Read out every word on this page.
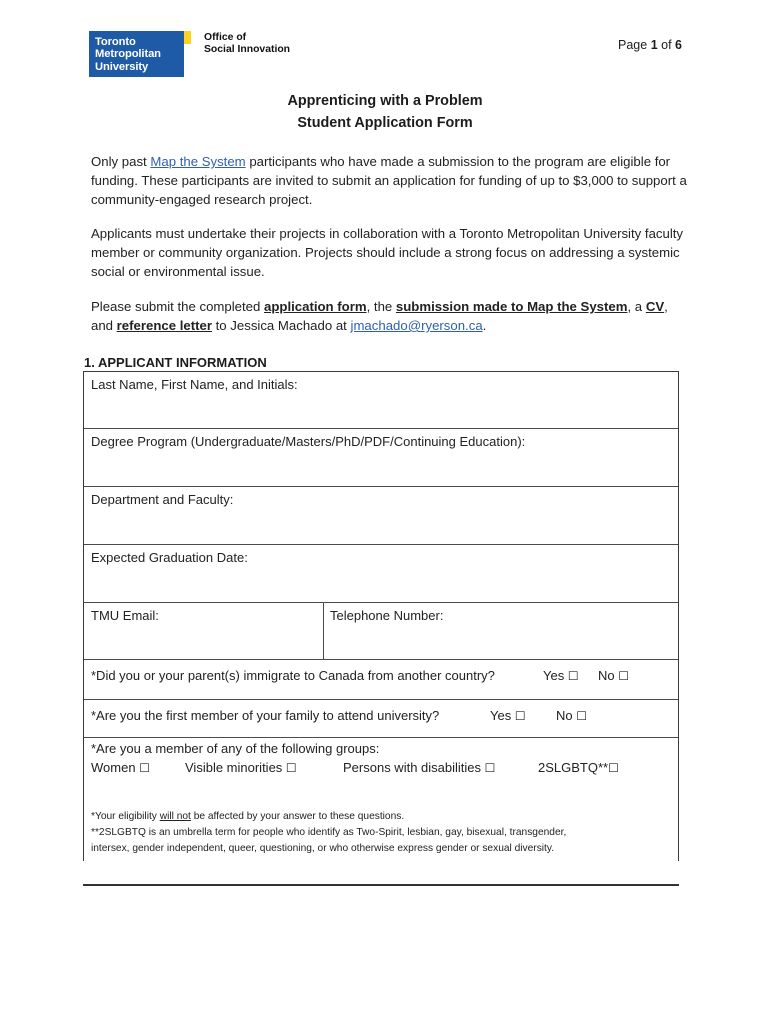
Toronto
Metropolitan
University
Office of
Social Innovation	Page 1 of 6
Apprenticing with a Problem
Student Application Form
Only past Map the System participants who have made a submission to the program are eligible for funding. These participants are invited to submit an application for funding of up to $3,000 to support a community-engaged research project.
Applicants must undertake their projects in collaboration with a Toronto Metropolitan University faculty member or community organization. Projects should include a strong focus on addressing a systemic social or environmental issue.
Please submit the completed application form, the submission made to Map the System, a CV, and reference letter to Jessica Machado at jmachado@ryerson.ca.
1. APPLICANT INFORMATION
Last Name, First Name, and Initials:
Degree Program (Undergraduate/Masters/PhD/PDF/Continuing Education):
Department and Faculty:
Expected Graduation Date:
TMU Email:	Telephone Number:
*Did you or your parent(s) immigrate to Canada from another country?	Yes ☐ No ☐
*Are you the first member of your family to attend university?	Yes ☐ No ☐
*Are you a member of any of the following groups:
Women ☐	Visible minorities ☐	Persons with disabilities ☐	2SLGBTQ**☐
*Your eligibility will not be affected by your answer to these questions.
**2SLGBTQ is an umbrella term for people who identify as Two-Spirit, lesbian, gay, bisexual, transgender,
intersex, gender independent, queer, questioning, or who otherwise express gender or sexual diversity.
